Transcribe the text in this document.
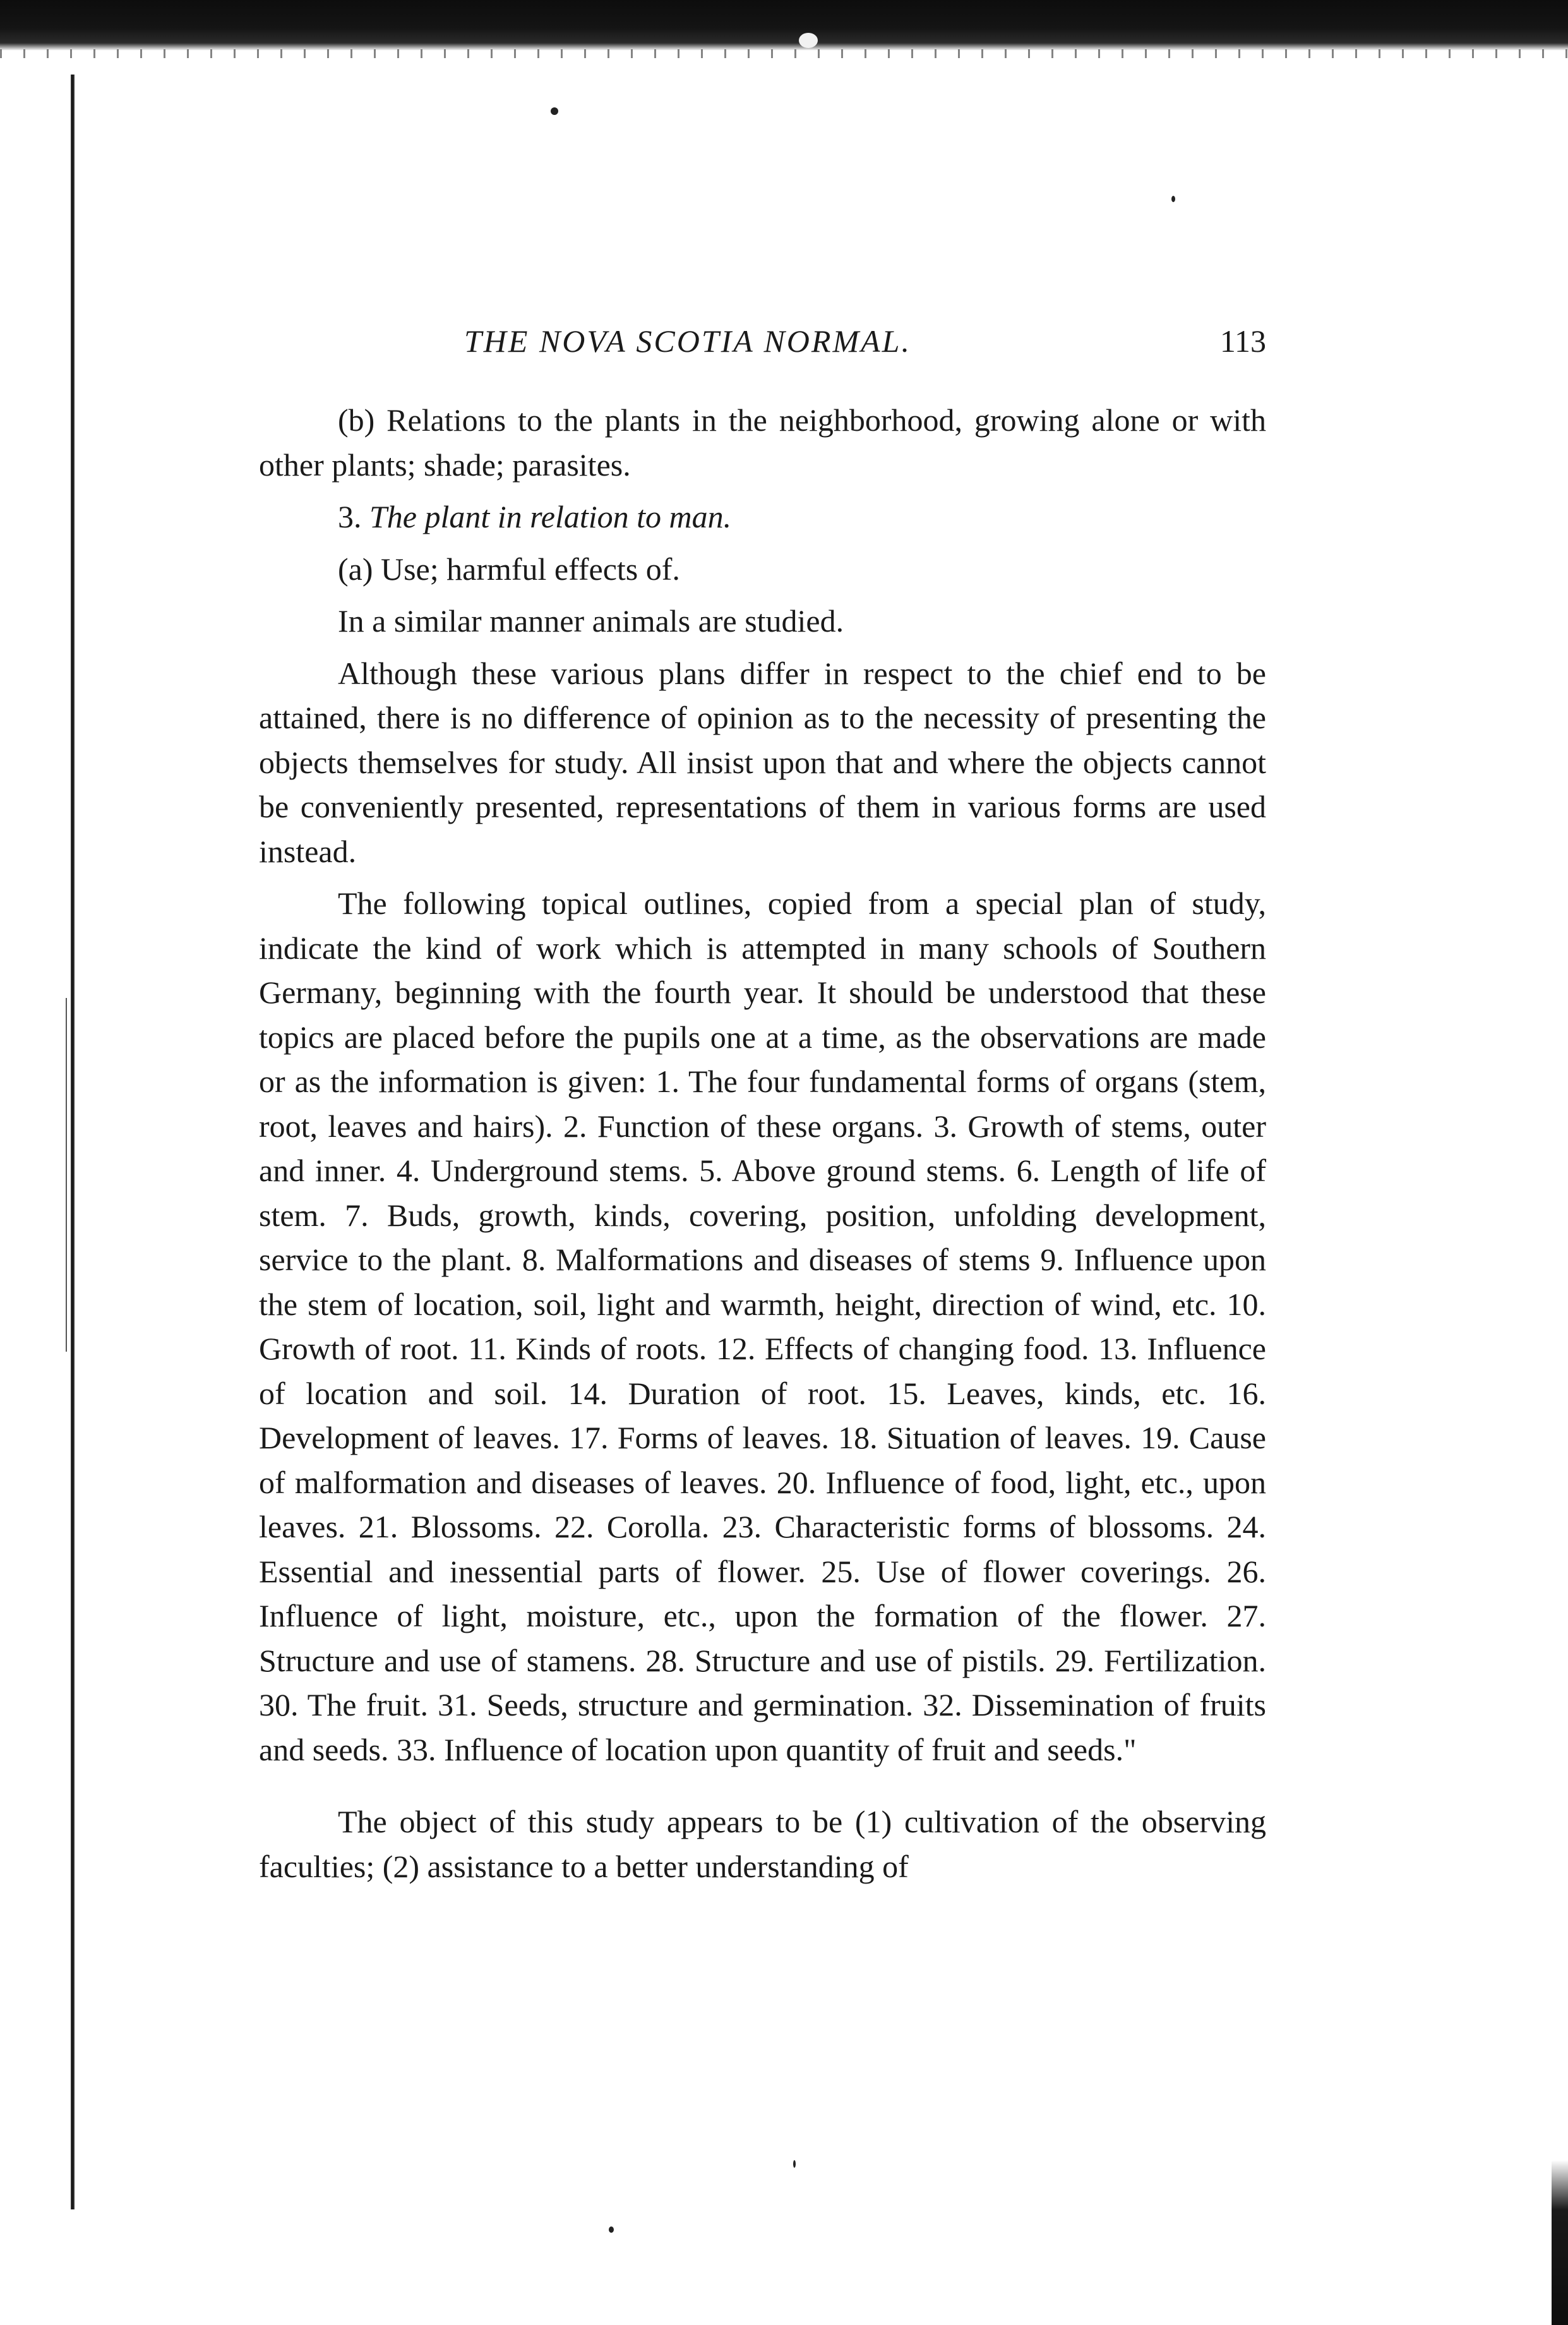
THE NOVA SCOTIA NORMAL.	113

(b) Relations to the plants in the neighborhood, growing alone or with other plants; shade; parasites.

3. The plant in relation to man.

(a) Use; harmful effects of.

In a similar manner animals are studied.

Although these various plans differ in respect to the chief end to be attained, there is no difference of opinion as to the necessity of presenting the objects themselves for study. All insist upon that and where the objects cannot be conveniently presented, representations of them in various forms are used instead.

The following topical outlines, copied from a special plan of study, indicate the kind of work which is attempted in many schools of Southern Germany, beginning with the fourth year. It should be understood that these topics are placed before the pupils one at a time, as the observations are made or as the information is given: 1. The four fundamental forms of organs (stem, root, leaves and hairs). 2. Function of these organs. 3. Growth of stems, outer and inner. 4. Underground stems. 5. Above ground stems. 6. Length of life of stem. 7. Buds, growth, kinds, covering, position, unfolding development, service to the plant. 8. Malformations and diseases of stems 9. Influence upon the stem of location, soil, light and warmth, height, direction of wind, etc. 10. Growth of root. 11. Kinds of roots. 12. Effects of changing food. 13. Influence of location and soil. 14. Duration of root. 15. Leaves, kinds, etc. 16. Development of leaves. 17. Forms of leaves. 18. Situation of leaves. 19. Cause of malformation and diseases of leaves. 20. Influence of food, light, etc., upon leaves. 21. Blossoms. 22. Corolla. 23. Characteristic forms of blossoms. 24. Essential and inessential parts of flower. 25. Use of flower coverings. 26. Influence of light, moisture, etc., upon the formation of the flower. 27. Structure and use of stamens. 28. Structure and use of pistils. 29. Fertilization. 30. The fruit. 31. Seeds, structure and germination. 32. Dissemination of fruits and seeds. 33. Influence of location upon quantity of fruit and seeds."

The object of this study appears to be (1) cultivation of the observing faculties; (2) assistance to a better understanding of
